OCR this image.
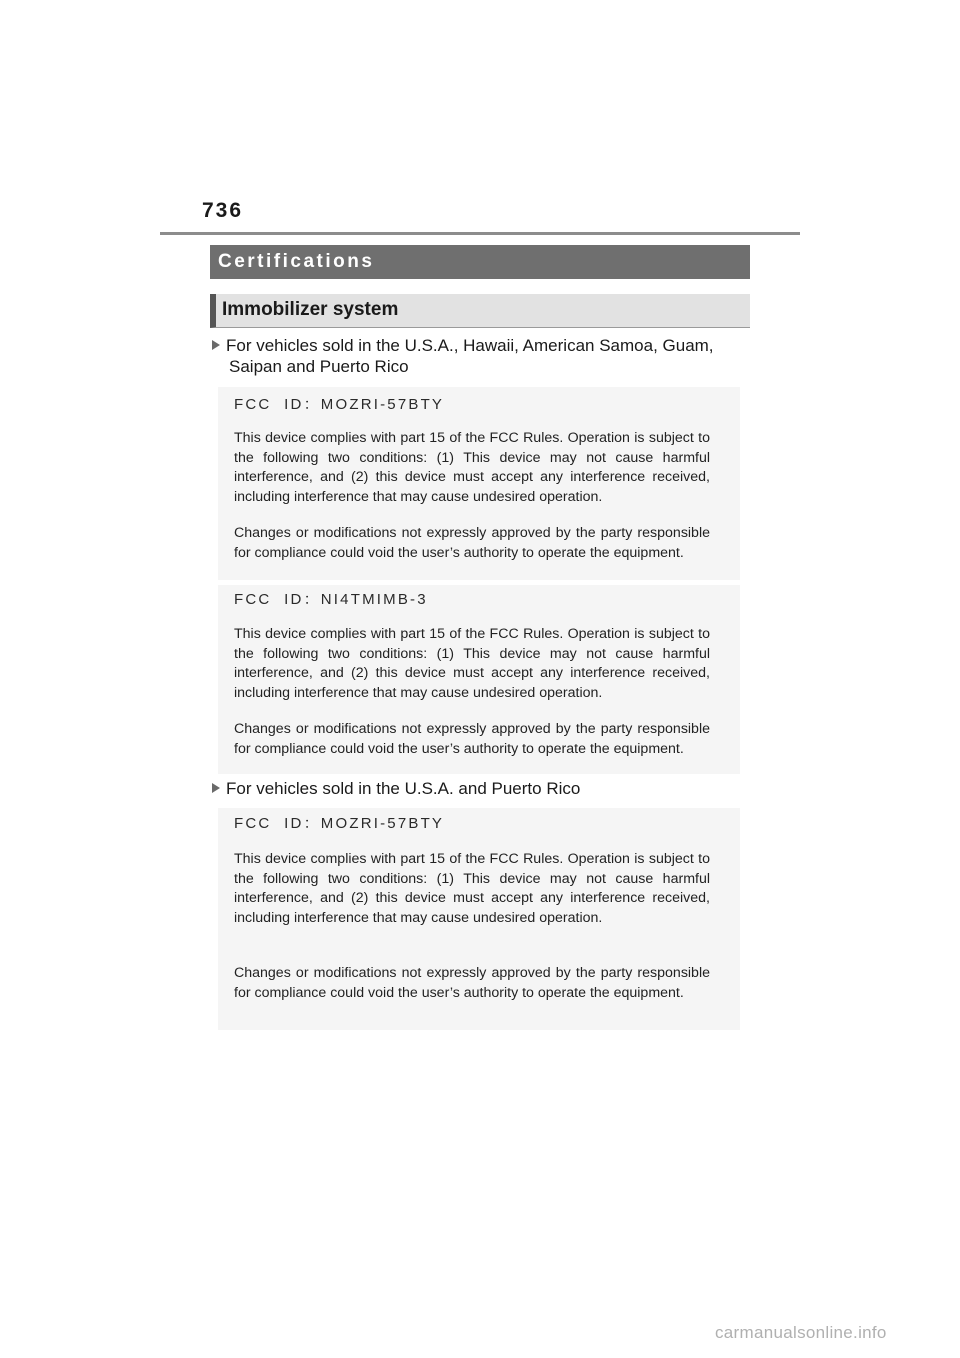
736
Certifications
Immobilizer system
For vehicles sold in the U.S.A., Hawaii, American Samoa, Guam,
Saipan and Puerto Rico
FCC  ID：MOZRI-57BTY
This device complies with part 15 of the FCC Rules. Operation is subject to the following two conditions: (1) This device may not cause harmful interference, and (2) this device must accept any interference received, including interference that may cause undesired operation.
Changes or modifications not expressly approved by the party responsible for compliance could void the user’s authority to operate the equipment.
FCC  ID：NI4TMIMB-3
This device complies with part 15 of the FCC Rules. Operation is subject to the following two conditions: (1) This device may not cause harmful interference, and (2) this device must accept any interference received, including interference that may cause undesired operation.
Changes or modifications not expressly approved by the party responsible for compliance could void the user’s authority to operate the equipment.
For vehicles sold in the U.S.A. and Puerto Rico
FCC  ID：MOZRI-57BTY
This device complies with part 15 of the FCC Rules. Operation is subject to the following two conditions: (1) This device may not cause harmful interference, and (2) this device must accept any interference received, including interference that may cause undesired operation.
Changes or modifications not expressly approved by the party responsible for compliance could void the user’s authority to operate the equipment.
carmanualsonline.info
